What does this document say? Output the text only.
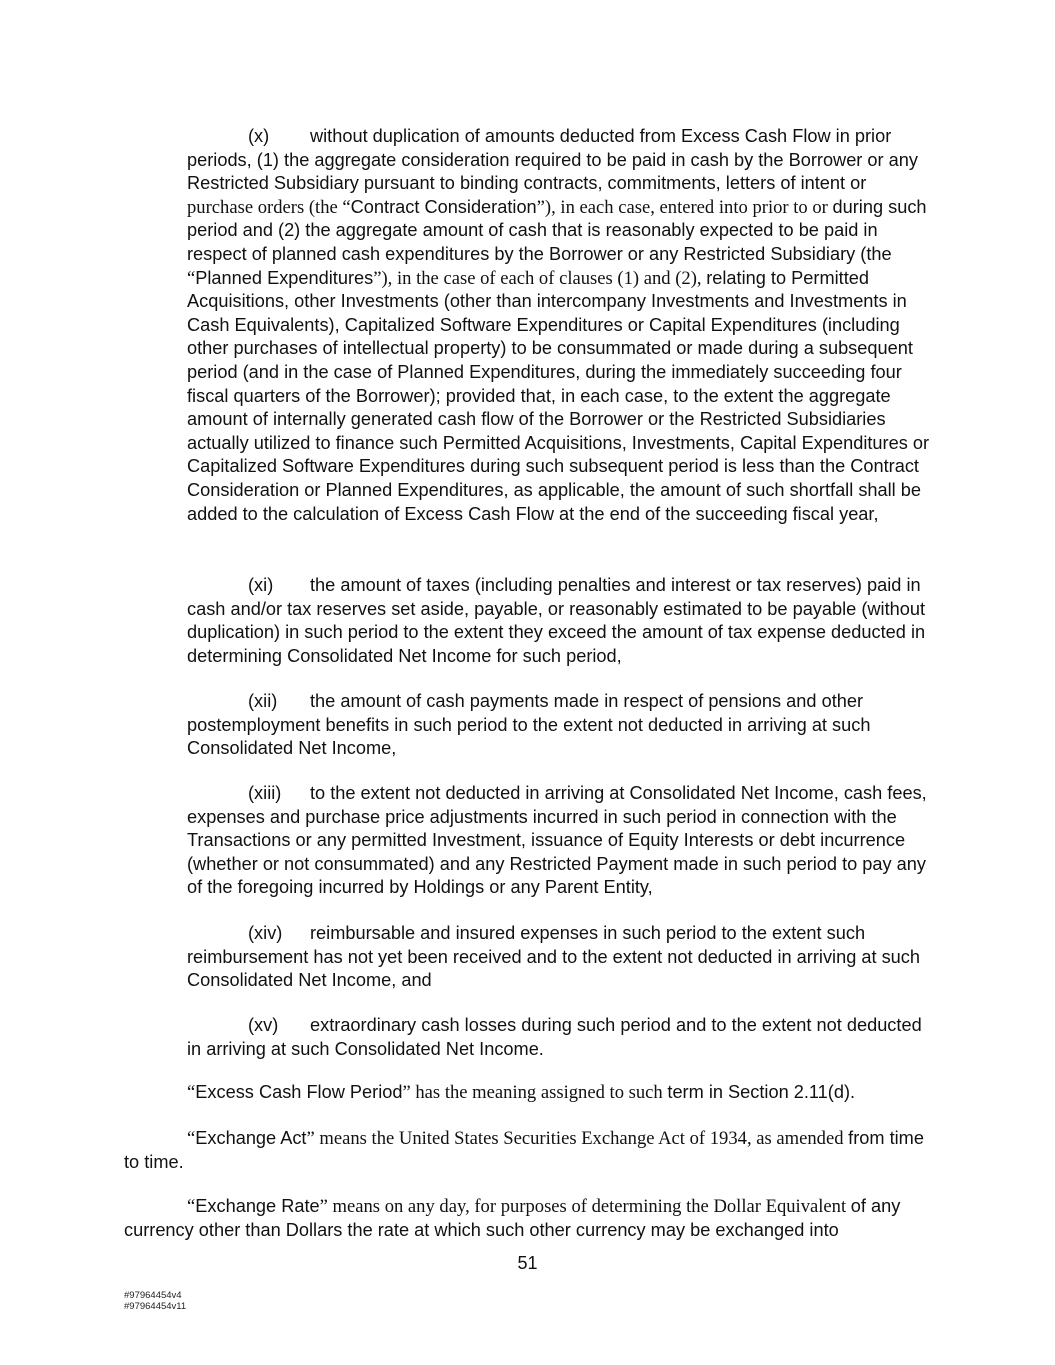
(x) without duplication of amounts deducted from Excess Cash Flow in prior periods, (1) the aggregate consideration required to be paid in cash by the Borrower or any Restricted Subsidiary pursuant to binding contracts, commitments, letters of intent or purchase orders (the “Contract Consideration”), in each case, entered into prior to or during such period and (2) the aggregate amount of cash that is reasonably expected to be paid in respect of planned cash expenditures by the Borrower or any Restricted Subsidiary (the “Planned Expenditures”), in the case of each of clauses (1) and (2), relating to Permitted Acquisitions, other Investments (other than intercompany Investments and Investments in Cash Equivalents), Capitalized Software Expenditures or Capital Expenditures (including other purchases of intellectual property) to be consummated or made during a subsequent period (and in the case of Planned Expenditures, during the immediately succeeding four fiscal quarters of the Borrower); provided that, in each case, to the extent the aggregate amount of internally generated cash flow of the Borrower or the Restricted Subsidiaries actually utilized to finance such Permitted Acquisitions, Investments, Capital Expenditures or Capitalized Software Expenditures during such subsequent period is less than the Contract Consideration or Planned Expenditures, as applicable, the amount of such shortfall shall be added to the calculation of Excess Cash Flow at the end of the succeeding fiscal year,

(xi) the amount of taxes (including penalties and interest or tax reserves) paid in cash and/or tax reserves set aside, payable, or reasonably estimated to be payable (without duplication) in such period to the extent they exceed the amount of tax expense deducted in determining Consolidated Net Income for such period,

(xii) the amount of cash payments made in respect of pensions and other postemployment benefits in such period to the extent not deducted in arriving at such Consolidated Net Income,

(xiii) to the extent not deducted in arriving at Consolidated Net Income, cash fees, expenses and purchase price adjustments incurred in such period in connection with the Transactions or any permitted Investment, issuance of Equity Interests or debt incurrence (whether or not consummated) and any Restricted Payment made in such period to pay any of the foregoing incurred by Holdings or any Parent Entity,

(xiv) reimbursable and insured expenses in such period to the extent such reimbursement has not yet been received and to the extent not deducted in arriving at such Consolidated Net Income, and

(xv) extraordinary cash losses during such period and to the extent not deducted in arriving at such Consolidated Net Income.

“Excess Cash Flow Period” has the meaning assigned to such term in Section 2.11(d).

“Exchange Act” means the United States Securities Exchange Act of 1934, as amended from time to time.

“Exchange Rate” means on any day, for purposes of determining the Dollar Equivalent of any currency other than Dollars the rate at which such other currency may be exchanged into

51
#97964454v4
#97964454v11
